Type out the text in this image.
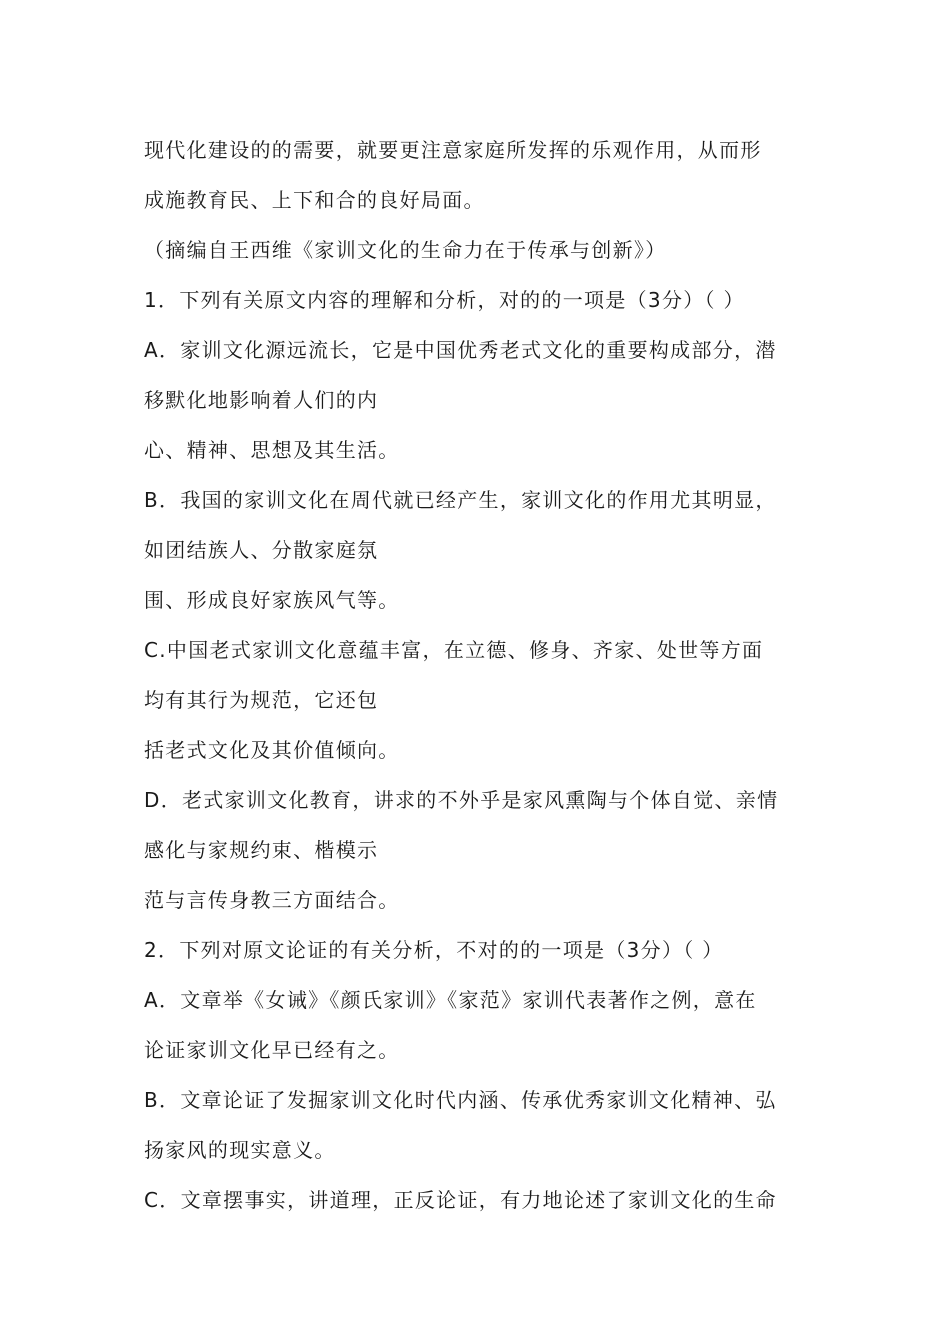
现代化建设的的需要，就要更注意家庭所发挥的乐观作用，从而形
成施教育民、上下和合的良好局面。
（摘编自王西维《家训文化的生命力在于传承与创新》）
1．下列有关原文内容的理解和分析，对的的一项是（3分）（ ）
A．家训文化源远流长，它是中国优秀老式文化的重要构成部分，潜
移默化地影响着人们的内
心、精神、思想及其生活。
B．我国的家训文化在周代就已经产生，家训文化的作用尤其明显，
如团结族人、分散家庭氛
围、形成良好家族风气等。
C.中国老式家训文化意蕴丰富，在立德、修身、齐家、处世等方面
均有其行为规范，它还包
括老式文化及其价值倾向。
D．老式家训文化教育，讲求的不外乎是家风熏陶与个体自觉、亲情
感化与家规约束、楷模示
范与言传身教三方面结合。
2．下列对原文论证的有关分析，不对的的一项是（3分）（ ）
A．文章举《女诫》《颜氏家训》《家范》家训代表著作之例，意在
论证家训文化早已经有之。
B．文章论证了发掘家训文化时代内涵、传承优秀家训文化精神、弘
扬家风的现实意义。
C．文章摆事实，讲道理，正反论证，有力地论述了家训文化的生命
